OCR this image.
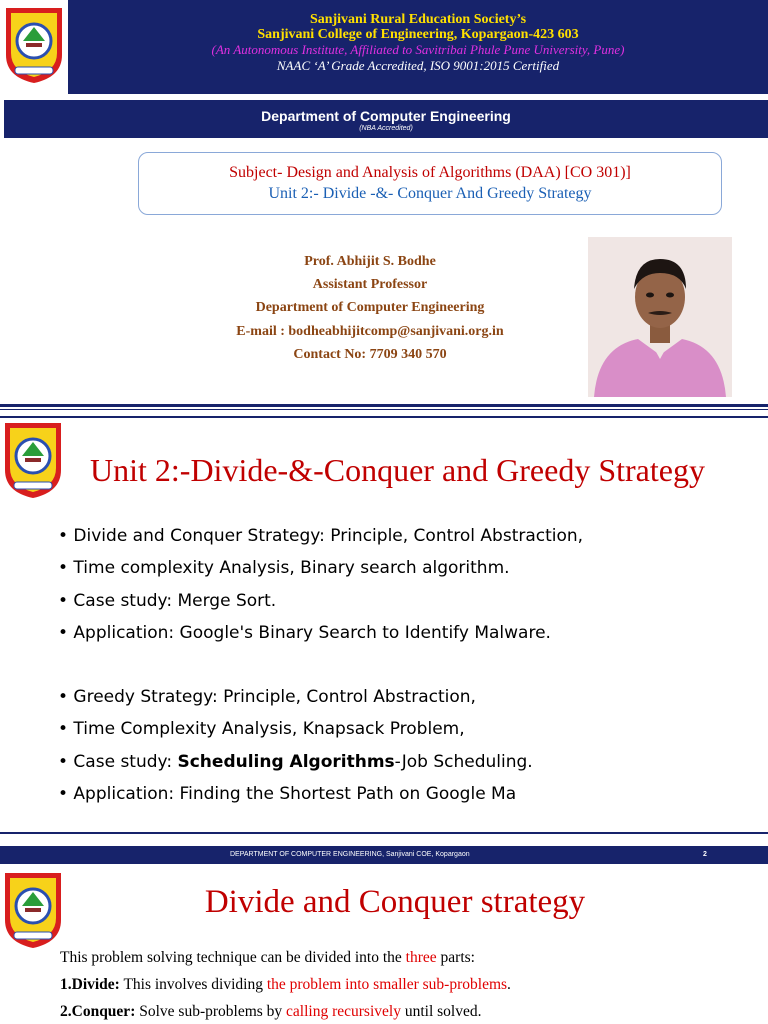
Sanjivani Rural Education Society’s
Sanjivani College of Engineering, Kopargaon-423 603
(An Autonomous Institute, Affiliated to Savitribai Phule Pune University, Pune)
NAAC ‘A’ Grade Accredited, ISO 9001:2015 Certified
Department of Computer Engineering
(NBA Accredited)
Subject- Design and Analysis of Algorithms (DAA) [CO 301)]
Unit 2:- Divide -&- Conquer And Greedy Strategy
Prof. Abhijit S. Bodhe
Assistant Professor
Department of Computer Engineering
E-mail : bodheabhijitcomp@sanjivani.org.in
Contact No: 7709 340 570
Unit 2:-Divide-&-Conquer and Greedy Strategy
• Divide and Conquer Strategy: Principle, Control Abstraction,
• Time complexity Analysis, Binary search algorithm.
• Case study: Merge Sort.
• Application: Google's Binary Search to Identify Malware.
• Greedy Strategy: Principle, Control Abstraction,
• Time Complexity Analysis, Knapsack Problem,
• Case study: Scheduling Algorithms-Job Scheduling.
• Application: Finding the Shortest Path on Google Ma
DEPARTMENT OF COMPUTER ENGINEERING, Sanjivani COE, Kopargaon	2
Divide and Conquer strategy
This problem solving technique can be divided into the three parts:
1.Divide: This involves dividing the problem into smaller sub-problems.
2.Conquer: Solve sub-problems by calling recursively until solved.
